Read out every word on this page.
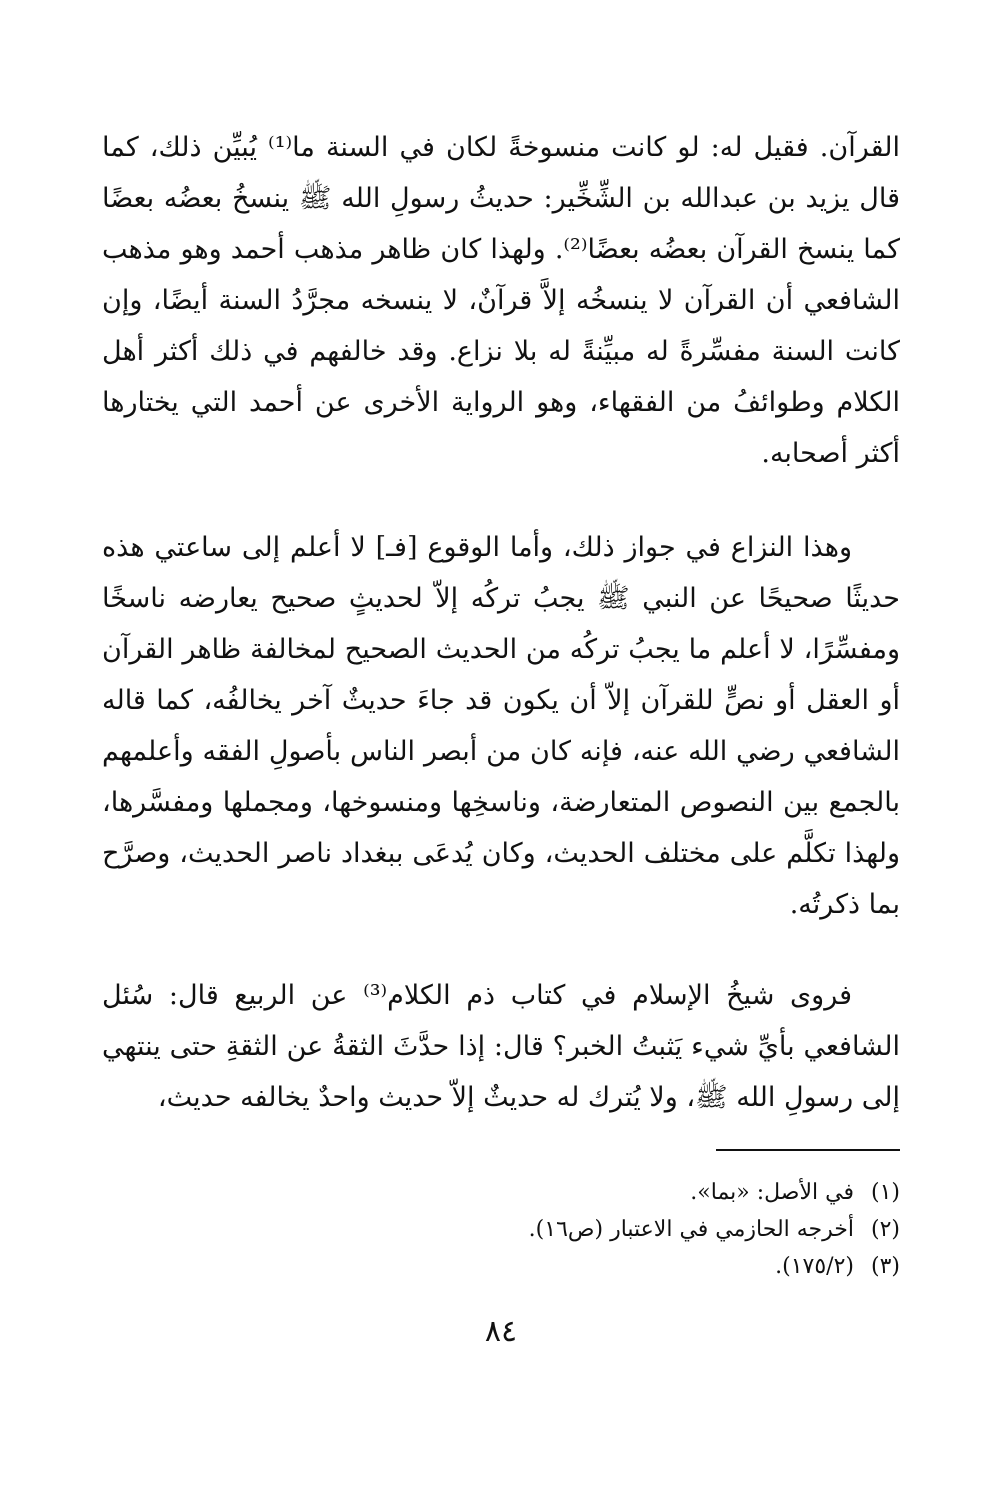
القرآن. فقيل له: لو كانت منسوخةً لكان في السنة ما⁽¹⁾ يُبيِّن ذلك، كما قال يزيد بن عبدالله بن الشِّخِّير: حديثُ رسولِ الله ﷺ ينسخُ بعضُه بعضًا كما ينسخ القرآن بعضُه بعضًا⁽²⁾. ولهذا كان ظاهر مذهب أحمد وهو مذهب الشافعي أن القرآن لا ينسخُه إلاَّ قرآنٌ، لا ينسخه مجرَّدُ السنة أيضًا، وإن كانت السنة مفسِّرةً له مبيِّنةً له بلا نزاع. وقد خالفهم في ذلك أكثر أهل الكلام وطوائفُ من الفقهاء، وهو الرواية الأخرى عن أحمد التي يختارها أكثر أصحابه.

وهذا النزاع في جواز ذلك، وأما الوقوع [فـ] لا أعلم إلى ساعتي هذه حديثًا صحيحًا عن النبي ﷺ يجبُ تركُه إلاّ لحديثٍ صحيح يعارضه ناسخًا ومفسِّرًا، لا أعلم ما يجبُ تركُه من الحديث الصحيح لمخالفة ظاهر القرآن أو العقل أو نصٍّ للقرآن إلاّ أن يكون قد جاءَ حديثٌ آخر يخالفُه، كما قاله الشافعي رضي الله عنه، فإنه كان من أبصر الناس بأصولِ الفقه وأعلمهم بالجمع بين النصوص المتعارضة، وناسخِها ومنسوخها، ومجملها ومفسَّرها، ولهذا تكلَّم على مختلف الحديث، وكان يُدعَى ببغداد ناصر الحديث، وصرَّح بما ذكرتُه.

فروى شيخُ الإسلام في كتاب ذم الكلام⁽³⁾ عن الربيع قال: سُئل الشافعي بأيِّ شيء يَثبتُ الخبر؟ قال: إذا حدَّثَ الثقةُ عن الثقةِ حتى ينتهي إلى رسولِ الله ﷺ، ولا يُترك له حديثٌ إلاّ حديث واحدٌ يخالفه حديث،

(١)في الأصل: «بما».
(٢)أخرجه الحازمي في الاعتبار (ص١٦).
(٣)(١٧٥/٢).
٨٤
